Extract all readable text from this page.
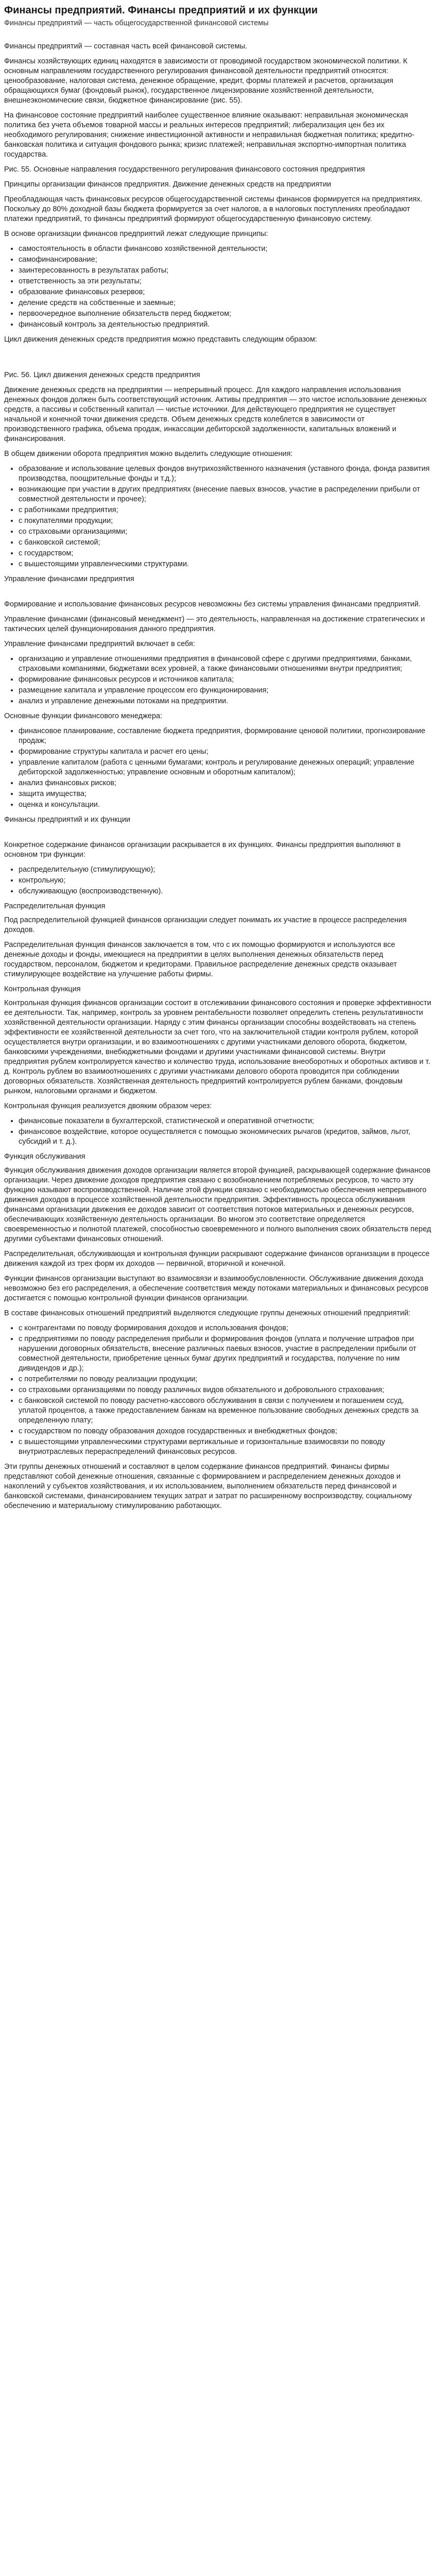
Финансы предприятий. Финансы предприятий и их функции
Финансы предприятий — часть общегосударственной финансовой системы

Финансы предприятий — составная часть всей финансовой системы.

Финансы хозяйствующих единиц находятся в зависимости от проводимой государством экономической политики. К основным направлениям государственного регулирования финансовой деятельности предприятий относятся: ценообразование, налоговая система, денежное обращение, кредит, формы платежей и расчетов, организация обращающихся бумаг (фондовый рынок), государственное лицензирование хозяйственной деятельности, внешнеэкономические связи, бюджетное финансирование (рис. 55).

На финансовое состояние предприятий наиболее существенное влияние оказывают: неправильная экономическая политика без учета объемов товарной массы и реальных интересов предприятий; либерализация цен без их необходимого регулирования; снижение инвестиционной активности и неправильная бюджетная политика; кредитно-банковская политика и ситуация фондового рынка; кризис платежей; неправильная экспортно-импортная политика государства.

Рис. 55. Основные направления государственного регулирования финансового состояния предприятия

Принципы организации финансов предприятия. Движение денежных средств на предприятии

Преобладающая часть финансовых ресурсов общегосударственной системы финансов формируется на предприятиях. Поскольку до 80% доходной базы бюджета формируется за счет налогов, а в налоговых поступлениях преобладают платежи предприятий, то финансы предприятий формируют общегосударственную финансовую систему.

В основе организации финансов предприятий лежат следующие принципы:

• самостоятельность в области финансово хозяйственной деятельности;
• самофинансирование;
• заинтересованность в результатах работы;
• ответственность за эти результаты;
• образование финансовых резервов;
• деление средств на собственные и заемные;
• первоочередное выполнение обязательств перед бюджетом;
• финансовый контроль за деятельностью предприятий.

Цикл движения денежных средств предприятия можно представить следующим образом:

Рис. 56. Цикл движения денежных средств предприятия

Движение денежных средств на предприятии — непрерывный процесс. Для каждого направления использования денежных фондов должен быть соответствующий источник. Активы предприятия — это чистое использование денежных средств, а пассивы и собственный капитал — чистые источники. Для действующего предприятия не существует начальной и конечной точки движения средств. Объем денежных средств колеблется в зависимости от производственного графика, объема продаж, инкассации дебиторской задолженности, капитальных вложений и финансирования.

В общем движении оборота предприятия можно выделить следующие отношения:

• образование и использование целевых фондов внутрихозяйственного назначения (уставного фонда, фонда развития производства, поощрительные фонды и т.д.);
• возникающие при участии в других предприятиях (внесение паевых взносов, участие в распределении прибыли от совместной деятельности и прочее);
• с работниками предприятия;
• с покупателями продукции;
• со страховыми организациями;
• с банковской системой;
• с государством;
• с вышестоящими управленческими структурами.

Управление финансами предприятия

Формирование и использование финансовых ресурсов невозможны без системы управления финансами предприятий.

Управление финансами (финансовый менеджмент) — это деятельность, направленная на достижение стратегических и тактических целей функционирования данного предприятия.

Управление финансами предприятий включает в себя:

• организацию и управление отношениями предприятия в финансовой сфере с другими предприятиями, банками, страховыми компаниями, бюджетами всех уровней, а также финансовыми отношениями внутри предприятия;
• формирование финансовых ресурсов и источников капитала;
• размещение капитала и управление процессом его функционирования;
• анализ и управление денежными потоками на предприятии.

Основные функции финансового менеджера:

• финансовое планирование, составление бюджета предприятия, формирование ценовой политики, прогнозирование продаж;
• формирование структуры капитала и расчет его цены;
• управление капиталом (работа с ценными бумагами; контроль и регулирование денежных операций; управление дебиторской задолженностью; управление основным и оборотным капиталом);
• анализ финансовых рисков;
• защита имущества;
• оценка и консультации.

Финансы предприятий и их функции

Конкретное содержание финансов организации раскрывается в их функциях. Финансы предприятия выполняют в основном три функции:

• распределительную (стимулирующую);
• контрольную;
• обслуживающую (воспроизводственную).

Распределительная функция

Под распределительной функцией финансов организации следует понимать их участие в процессе распределения доходов.

Распределительная функция финансов заключается в том, что с их помощью формируются и используются все денежные доходы и фонды, имеющиеся на предприятии в целях выполнения денежных обязательств перед государством, персоналом, бюджетом и кредиторами. Правильное распределение денежных средств оказывает стимулирующее воздействие на улучшение работы фирмы.

Контрольная функция

Контрольная функция финансов организации состоит в отслеживании финансового состояния и проверке эффективности ее деятельности. Так, например, контроль за уровнем рентабельности позволяет определить степень результативности хозяйственной деятельности организации. Наряду с этим финансы организации способны воздействовать на степень эффективности ее хозяйственной деятельности за счет того, что на заключительной стадии контроля рублем, которой осуществляется внутри организации, и во взаимоотношениях с другими участниками делового оборота, бюджетом, банковскими учреждениями, внебюджетными фондами и другими участниками финансовой системы. Внутри предприятия рублем контролируется качество и количество труда, использование внеоборотных и оборотных активов и т. д. Контроль рублем во взаимоотношениях с другими участниками делового оборота проводится при соблюдении договорных обязательств. Хозяйственная деятельность предприятий контролируется рублем банками, фондовым рынком, налоговыми органами и бюджетом.

Контрольная функция реализуется двояким образом через:

• финансовые показатели в бухгалтерской, статистической и оперативной отчетности;
• финансовое воздействие, которое осуществляется с помощью экономических рычагов (кредитов, займов, льгот, субсидий и т. д.).

Функция обслуживания

Функция обслуживания движения доходов организации является второй функцией, раскрывающей содержание финансов организации. Через движение доходов предприятия связано с возобновлением потребляемых ресурсов, то часто эту функцию называют воспроизводственной. Наличие этой функции связано с необходимостью обеспечения непрерывного движения доходов в процессе хозяйственной деятельности предприятия. Эффективность процесса обслуживания финансами организации движения ее доходов зависит от соответствия потоков материальных и денежных ресурсов, обеспечивающих хозяйственную деятельность организации. Во многом это соответствие определяется своевременностью и полнотой платежей, способностью своевременного и полного выполнения своих обязательств перед другими субъектами финансовых отношений.

Распределительная, обслуживающая и контрольная функции раскрывают содержание финансов организации в процессе движения каждой из трех форм их доходов — первичной, вторичной и конечной.

Функции финансов организации выступают во взаимосвязи и взаимообусловленности. Обслуживание движения дохода невозможно без его распределения, а обеспечение соответствия между потоками материальных и финансовых ресурсов достигается с помощью контрольной функции финансов организации.

В составе финансовых отношений предприятий выделяются следующие группы денежных отношений предприятий:

• с контрагентами по поводу формирования доходов и использования фондов;
• с предприятиями по поводу распределения прибыли и формирования фондов (уплата и получение штрафов при нарушении договорных обязательств, внесение различных паевых взносов, участие в распределении прибыли от совместной деятельности, приобретение ценных бумаг других предприятий и государства, получение по ним дивидендов и др.);
• с потребителями по поводу реализации продукции;
• со страховыми организациями по поводу различных видов обязательного и добровольного страхования;
• с банковской системой по поводу расчетно-кассового обслуживания в связи с получением и погашением ссуд, уплатой процентов, а также предоставлением банкам на временное пользование свободных денежных средств за определенную плату;
• с государством по поводу образования доходов государственных и внебюджетных фондов;
• с вышестоящими управленческими структурами вертикальные и горизонтальные взаимосвязи по поводу внутриотраслевых перераспределений финансовых ресурсов.

Эти группы денежных отношений и составляют в целом содержание финансов предприятий. Финансы фирмы представляют собой денежные отношения, связанные с формированием и распределением денежных доходов и накоплений у субъектов хозяйствования, и их использованием, выполнением обязательств перед финансовой и банковской системами, финансированием текущих затрат и затрат по расширенному воспроизводству, социальному обеспечению и материальному стимулированию работающих.
